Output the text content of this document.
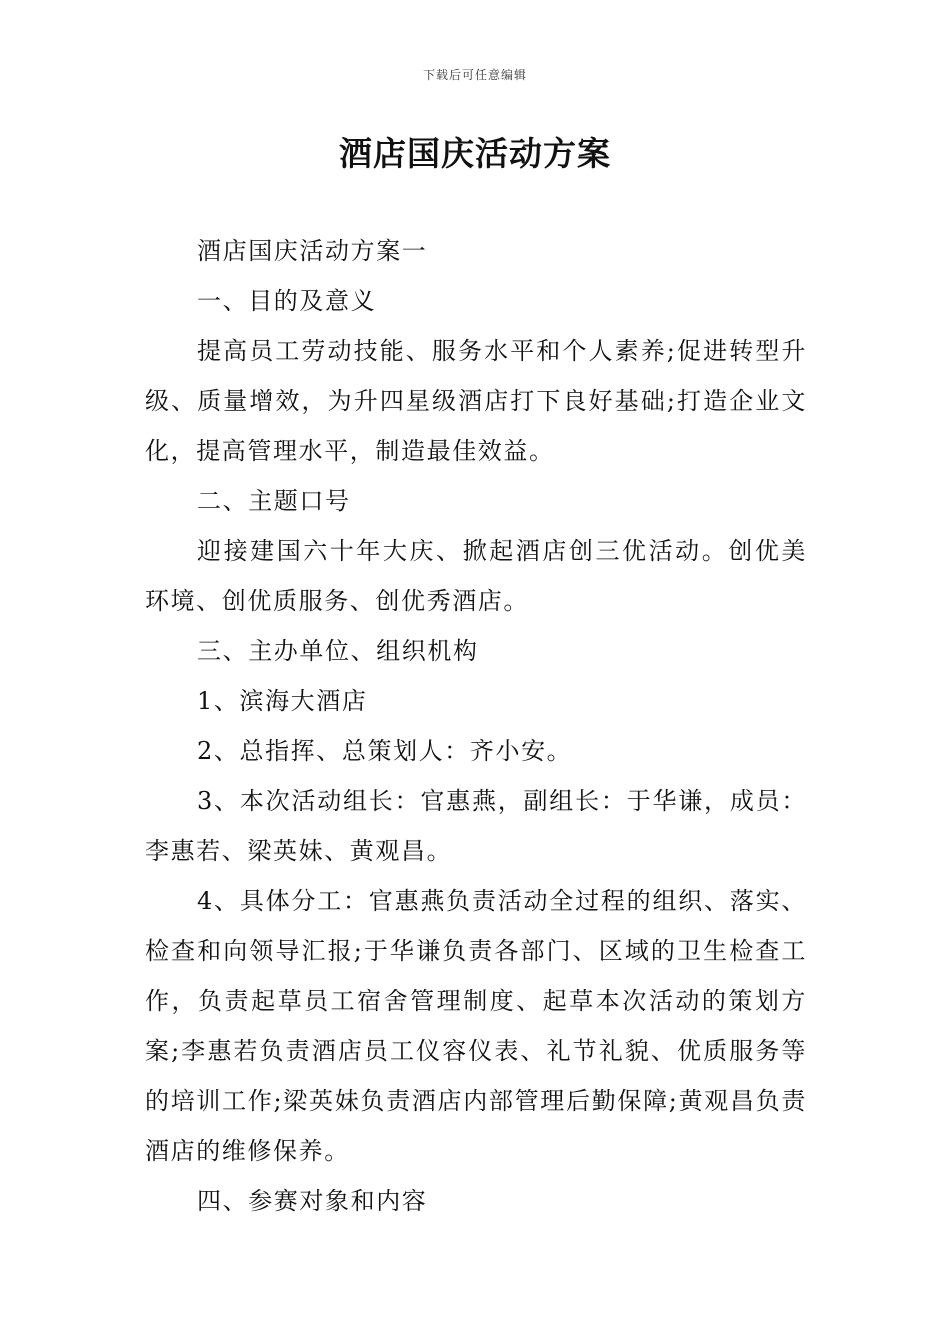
下载后可任意编辑
酒店国庆活动方案

酒店国庆活动方案一

一、目的及意义

提高员工劳动技能、服务水平和个人素养;促进转型升级、质量增效，为升四星级酒店打下良好基础;打造企业文化，提高管理水平，制造最佳效益。

二、主题口号

迎接建国六十年大庆、掀起酒店创三优活动。创优美环境、创优质服务、创优秀酒店。

三、主办单位、组织机构

1、滨海大酒店

2、总指挥、总策划人：齐小安。

3、本次活动组长：官惠燕，副组长：于华谦，成员：李惠若、梁英妹、黄观昌。

4、具体分工：官惠燕负责活动全过程的组织、落实、检查和向领导汇报;于华谦负责各部门、区域的卫生检查工作，负责起草员工宿舍管理制度、起草本次活动的策划方案;李惠若负责酒店员工仪容仪表、礼节礼貌、优质服务等的培训工作;梁英妹负责酒店内部管理后勤保障;黄观昌负责酒店的维修保养。

四、参赛对象和内容
